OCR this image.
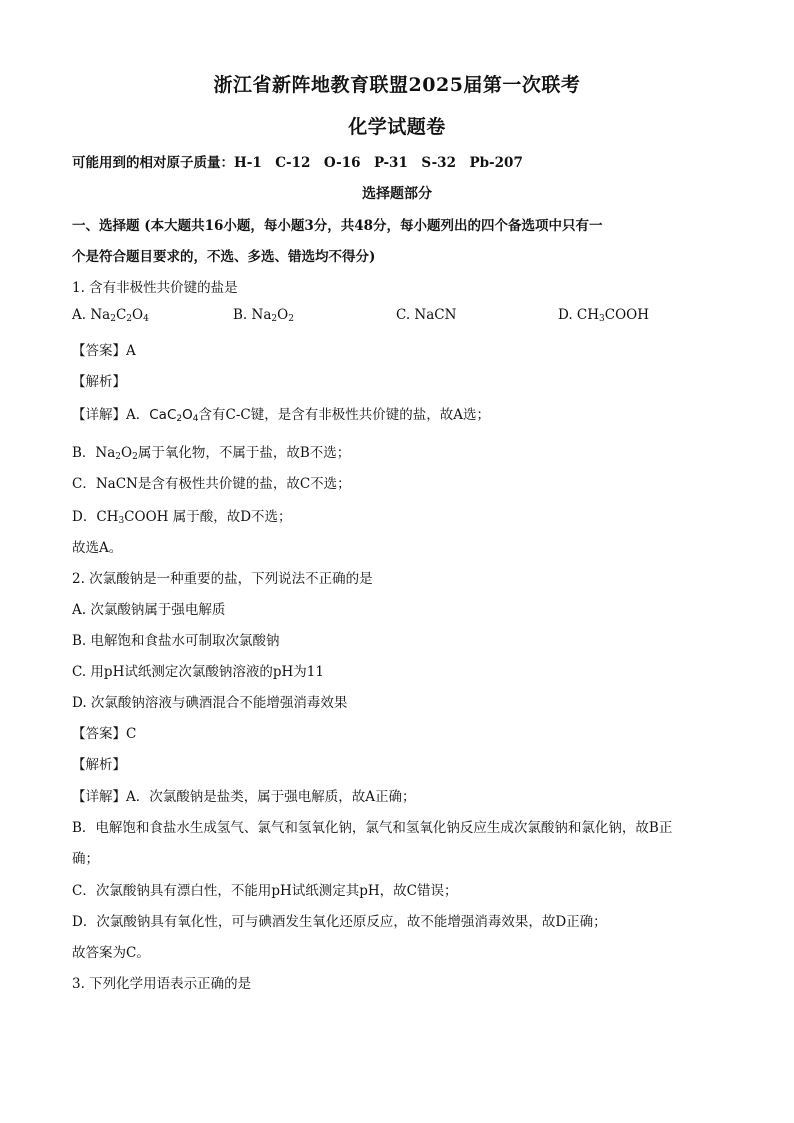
浙江省新阵地教育联盟2025届第一次联考
化学试题卷
可能用到的相对原子质量：H-1　C-12　O-16　P-31　S-32　Pb-207
选择题部分
一、选择题 (本大题共16小题，每小题3分，共48分，每小题列出的四个备选项中只有一
个是符合题目要求的，不选、多选、错选均不得分)
1. 含有非极性共价键的盐是
A. $Na_2C_2O_4$	B. $Na_2O_2$	C. NaCN	D. $CH_3COOH$
【答案】A
【解析】
【详解】A．$CaC_2O_4$含有C-C键，是含有非极性共价键的盐，故A选；
B．$Na_2O_2$属于氧化物，不属于盐，故B不选；
C．NaCN是含有极性共价键的盐，故C不选；
D．$CH_3COOH$ 属于酸，故D不选；
故选A。
2. 次氯酸钠是一种重要的盐，下列说法不正确的是
A. 次氯酸钠属于强电解质
B. 电解饱和食盐水可制取次氯酸钠
C. 用pH试纸测定次氯酸钠溶液的pH为11
D. 次氯酸钠溶液与碘酒混合不能增强消毒效果
【答案】C
【解析】
【详解】A．次氯酸钠是盐类，属于强电解质，故A正确；
B．电解饱和食盐水生成氢气、氯气和氢氧化钠，氯气和氢氧化钠反应生成次氯酸钠和氯化钠，故B正
确；
C．次氯酸钠具有漂白性，不能用pH试纸测定其pH，故C错误；
D．次氯酸钠具有氧化性，可与碘酒发生氧化还原反应，故不能增强消毒效果，故D正确；
故答案为C。
3. 下列化学用语表示正确的是
